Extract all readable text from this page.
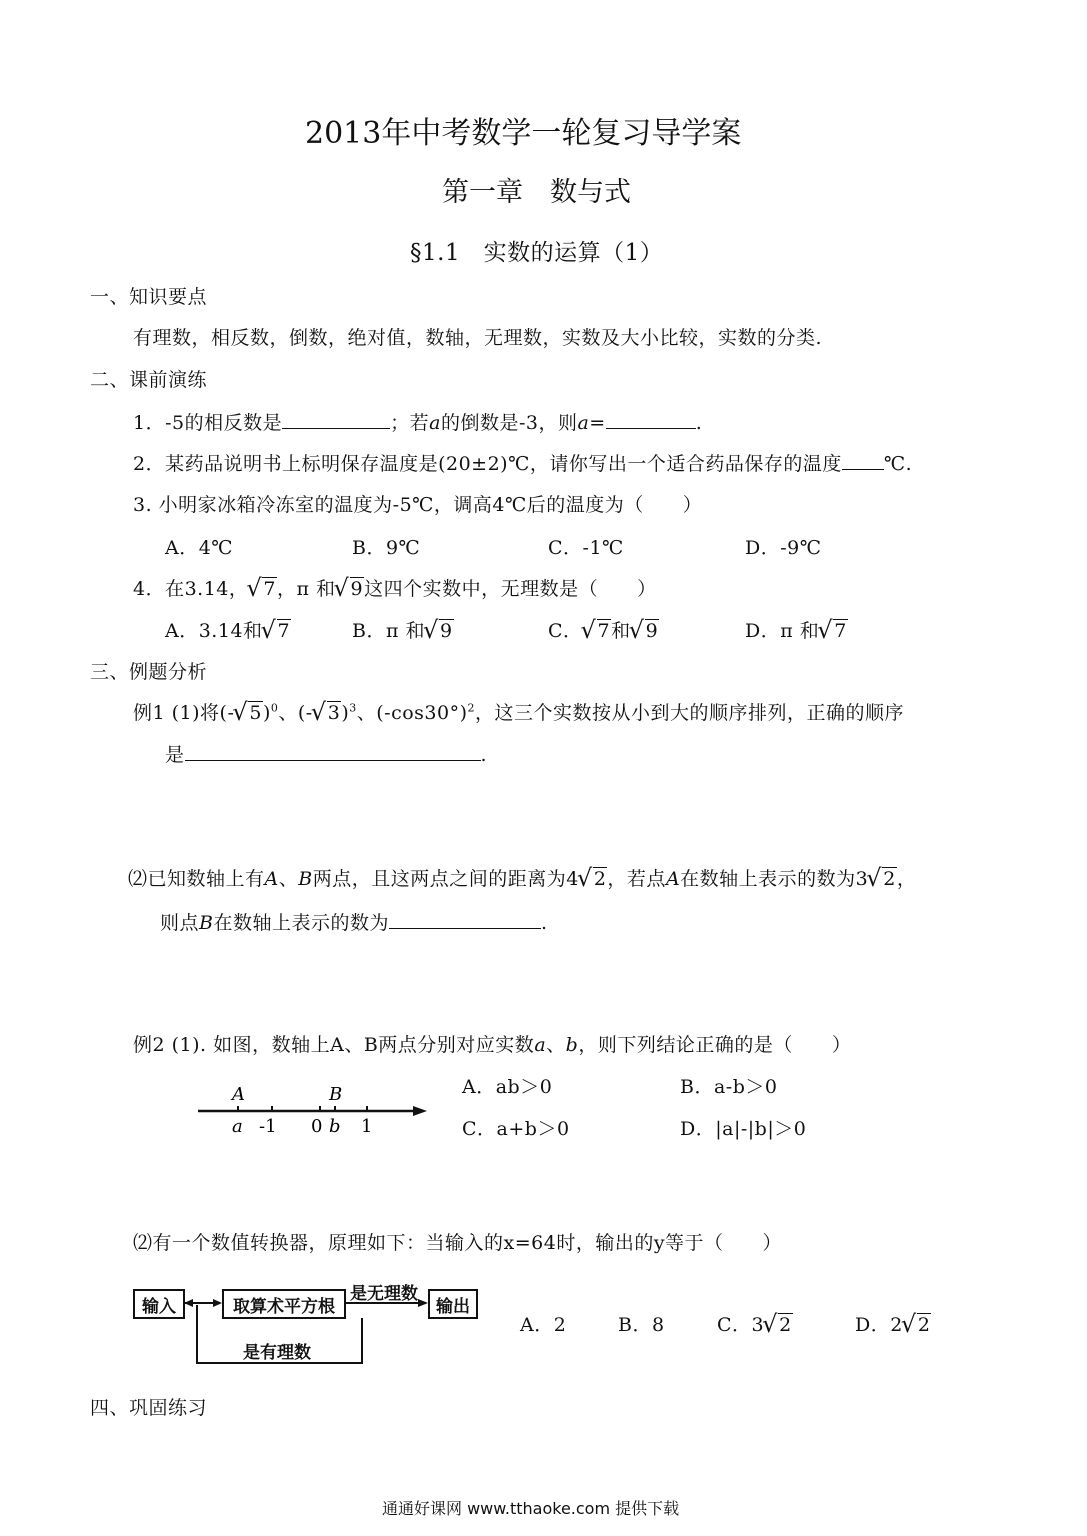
2013年中考数学一轮复习导学案
第一章　数与式
§1.1　实数的运算（1）
一、知识要点
有理数，相反数，倒数，绝对值，数轴，无理数，实数及大小比较，实数的分类.
二、课前演练
1．-5的相反数是	；若a的倒数是-3，则a=	.
2．某药品说明书上标明保存温度是(20±2)℃，请你写出一个适合药品保存的温度 ℃.
3. 小明家冰箱冷冻室的温度为-5℃，调高4℃后的温度为（　　）
A．4℃	B．9℃	C．-1℃	D．-9℃
4．在3.14， √ 7，π 和 √ 9这四个实数中，无理数是（　　）
A．3.14和 √ 7	B．π 和 √ 9	C． √ 7和 √ 9	D．π 和 √ 7
三、例题分析
例1 (1)将(- √ 5)$^0$、(- √ 3)$^3$、$(-\cos 30^\circ)^2$，这三个实数按从小到大的顺序排列，正确的顺序
是	.
⑵已知数轴上有A、B两点，且这两点之间的距离为4 √ 2，若点A在数轴上表示的数为3 √ 2，
则点B在数轴上表示的数为	.
例2 (1). 如图，数轴上A、B两点分别对应实数a、b，则下列结论正确的是（　　）
A	B
a -1 0 b 1
A．ab＞0	B．a-b＞0
C．a+b＞0	D．|a|-|b|＞0
⑵有一个数值转换器，原理如下：当输入的x=64时，输出的y等于（　　）
输入	取算术平方根	输出
是无理数
是有理数
A．2	B．8	C．3 √ 2	D．2 √ 2
四、巩固练习
通通好课网 www.tthaoke.com 提供下载
